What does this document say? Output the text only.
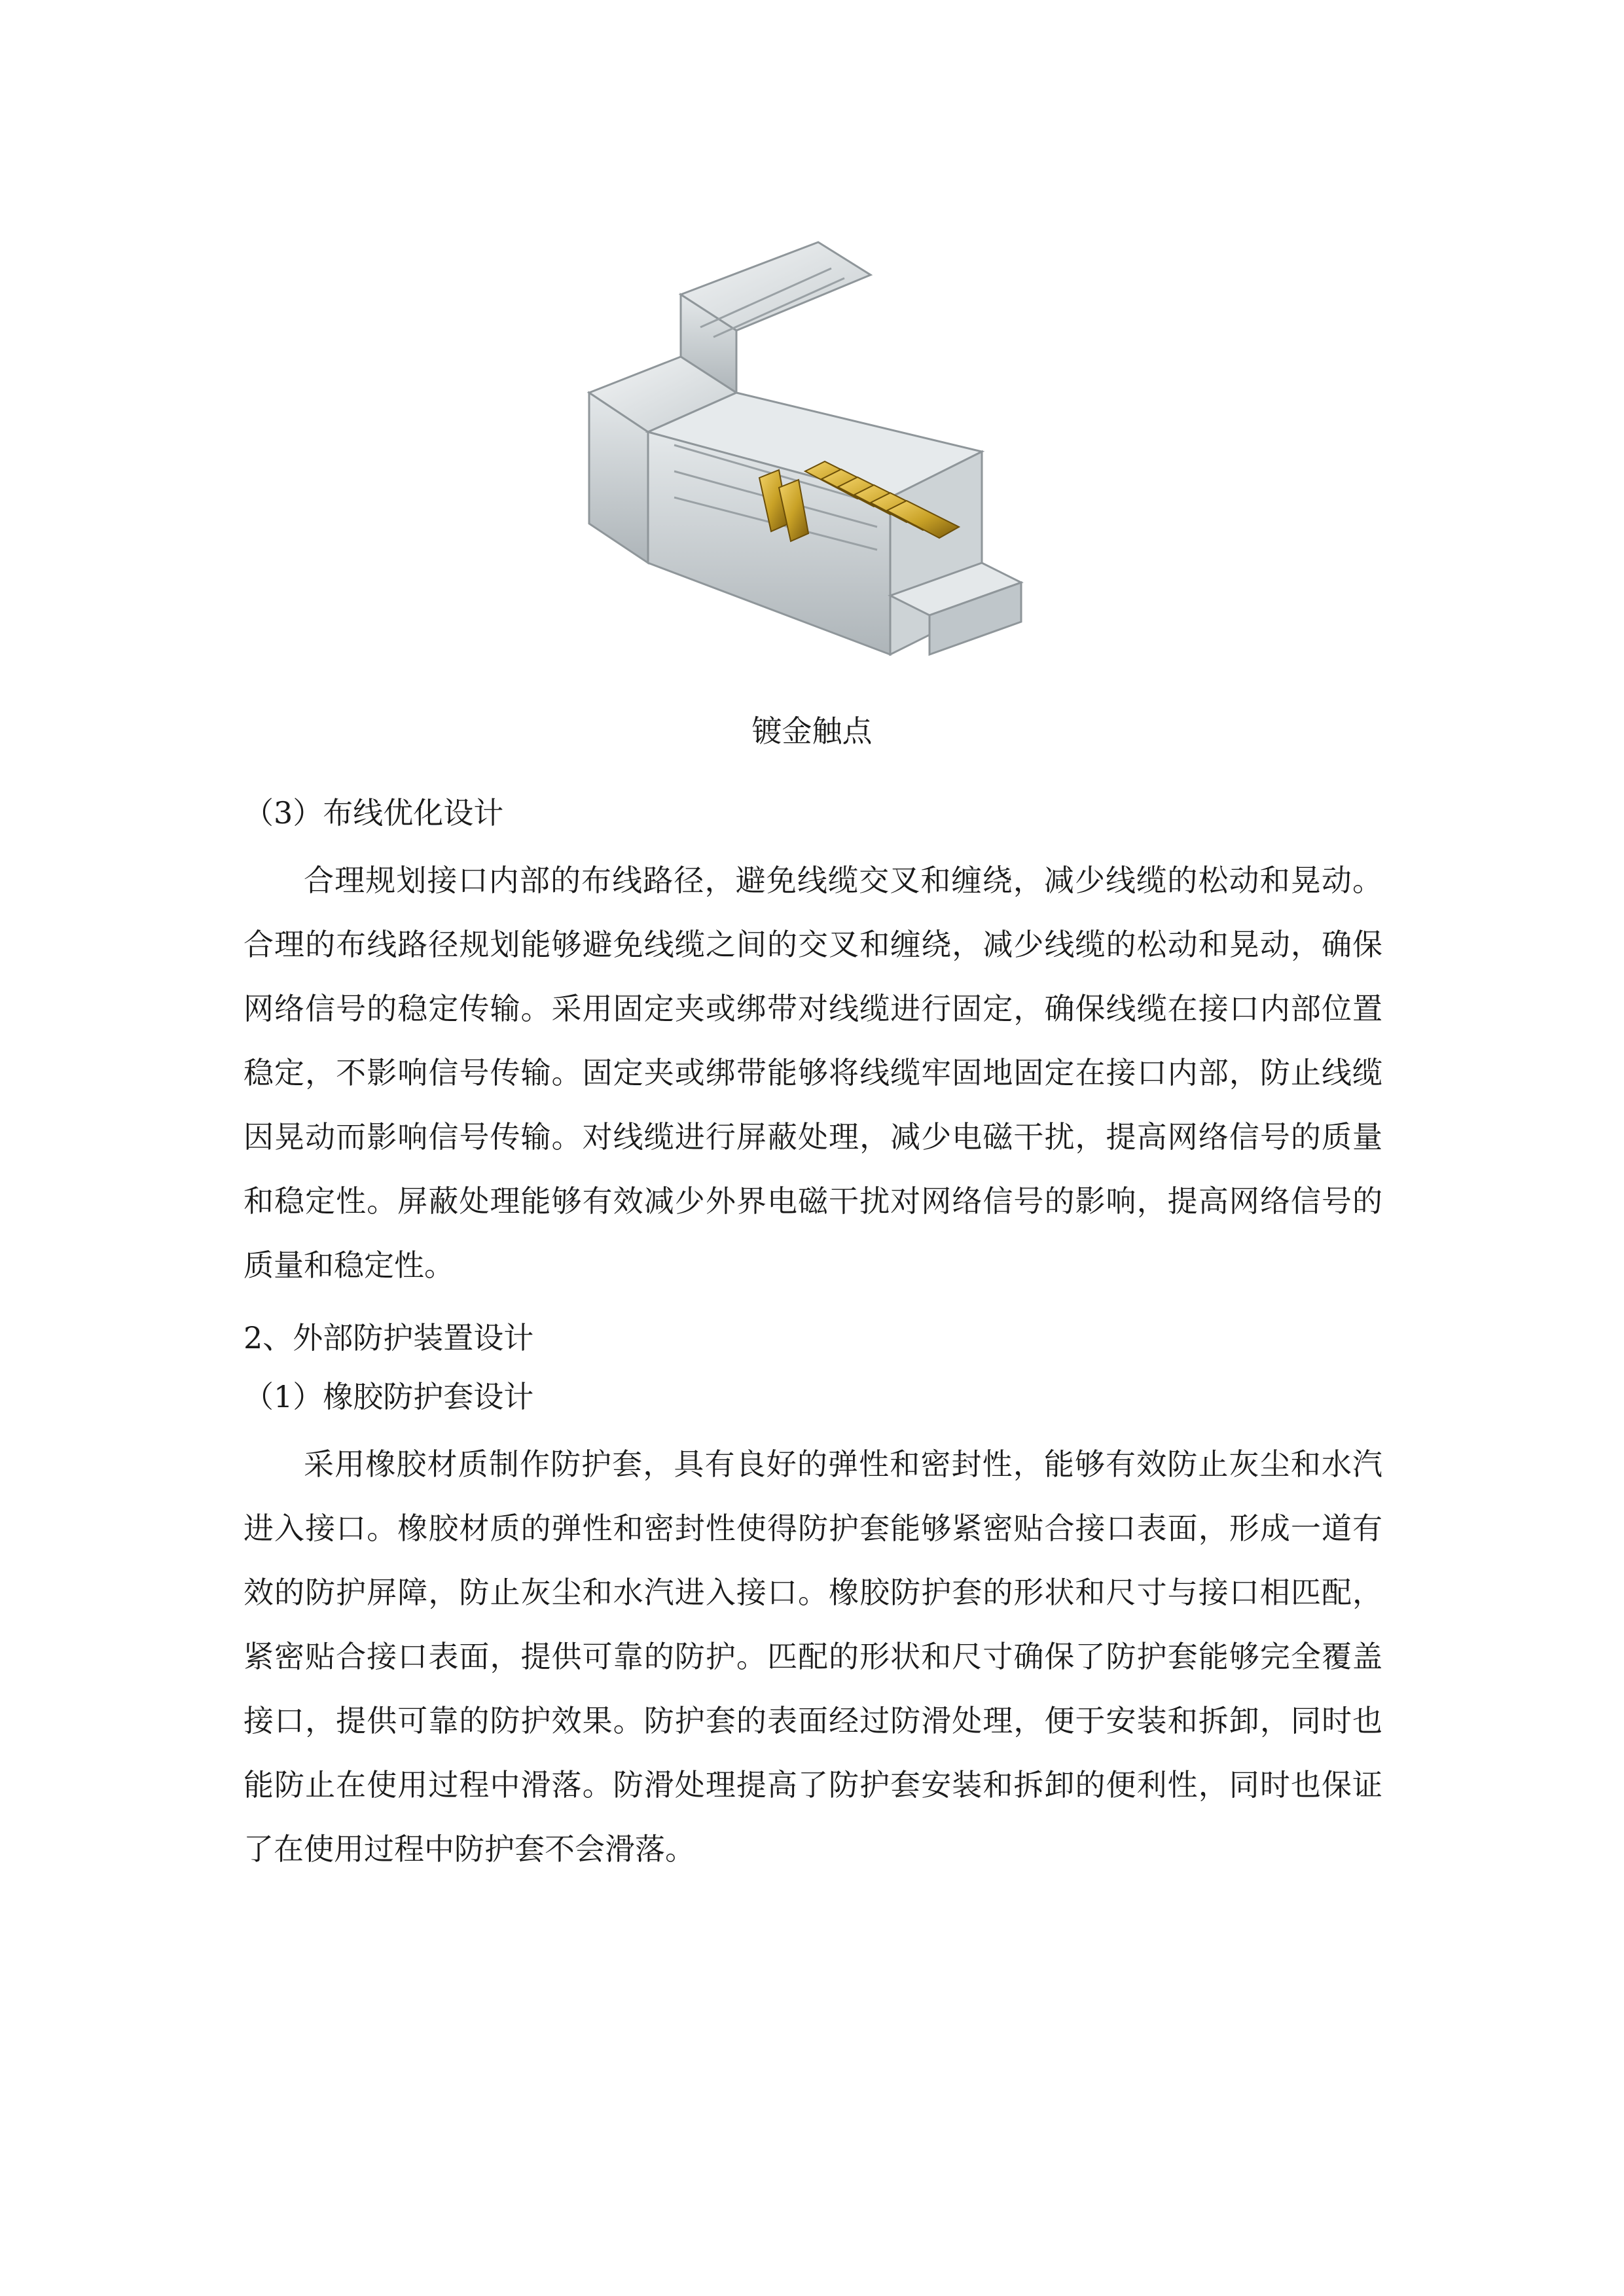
镀金触点

（3）布线优化设计

合理规划接口内部的布线路径，避免线缆交叉和缠绕，减少线缆的松动和晃动。合理的布线路径规划能够避免线缆之间的交叉和缠绕，减少线缆的松动和晃动，确保网络信号的稳定传输。采用固定夹或绑带对线缆进行固定，确保线缆在接口内部位置稳定，不影响信号传输。固定夹或绑带能够将线缆牢固地固定在接口内部，防止线缆因晃动而影响信号传输。对线缆进行屏蔽处理，减少电磁干扰，提高网络信号的质量和稳定性。屏蔽处理能够有效减少外界电磁干扰对网络信号的影响，提高网络信号的质量和稳定性。

2、外部防护装置设计

（1）橡胶防护套设计

采用橡胶材质制作防护套，具有良好的弹性和密封性，能够有效防止灰尘和水汽进入接口。橡胶材质的弹性和密封性使得防护套能够紧密贴合接口表面，形成一道有效的防护屏障，防止灰尘和水汽进入接口。橡胶防护套的形状和尺寸与接口相匹配，紧密贴合接口表面，提供可靠的防护。匹配的形状和尺寸确保了防护套能够完全覆盖接口，提供可靠的防护效果。防护套的表面经过防滑处理，便于安装和拆卸，同时也能防止在使用过程中滑落。防滑处理提高了防护套安装和拆卸的便利性，同时也保证了在使用过程中防护套不会滑落。
